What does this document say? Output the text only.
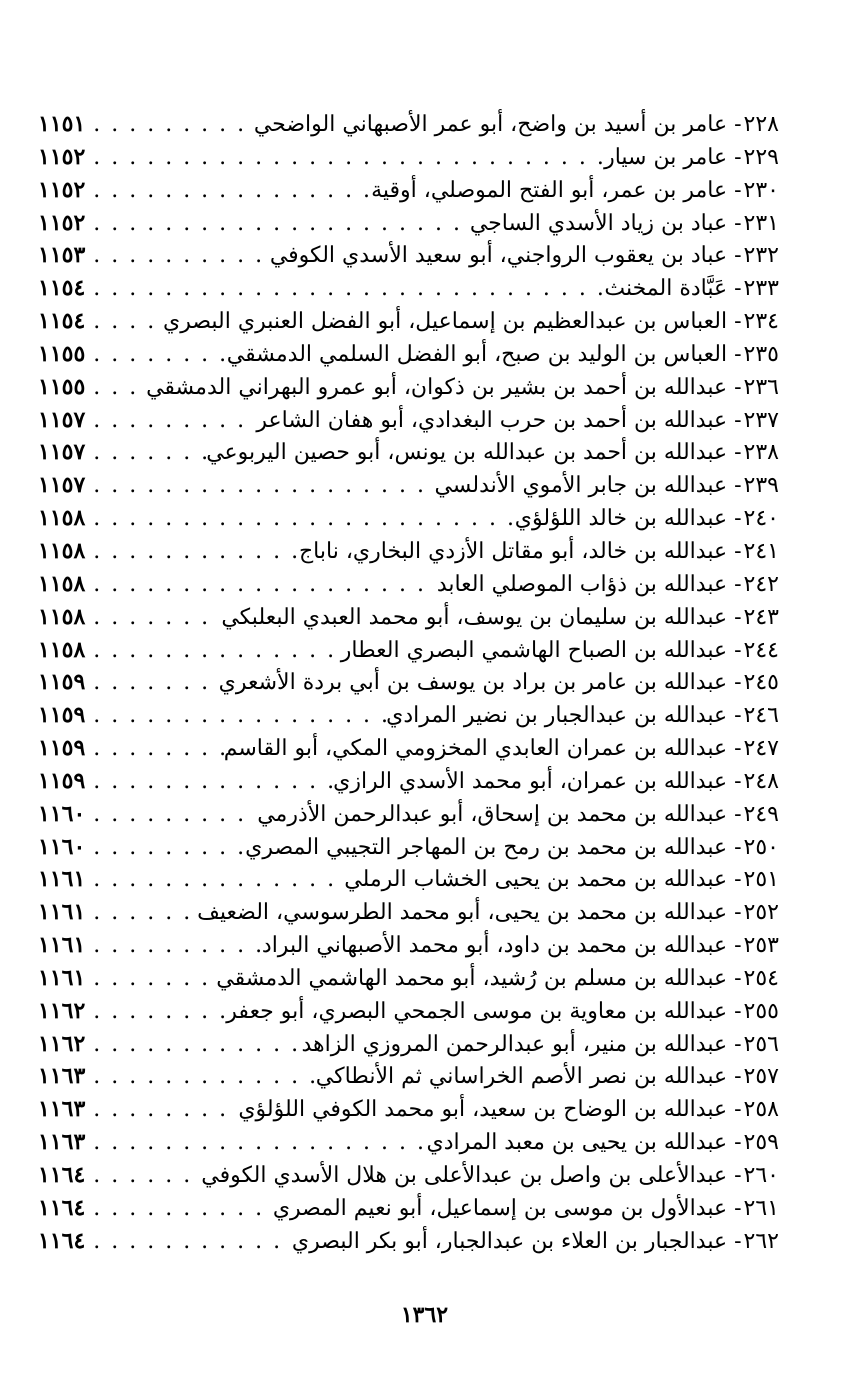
٢٢٨- عامر بن أسيد بن واضح، أبو عمر الأصبهاني الواضحي
. . .
١١٥١
٢٢٩- عامر بن سيار
. . .
١١٥٢
٢٣٠- عامر بن عمر، أبو الفتح الموصلي، أوقية
. . .
١١٥٢
٢٣١- عباد بن زياد الأسدي الساجي
. . .
١١٥٢
٢٣٢- عباد بن يعقوب الرواجني، أبو سعيد الأسدي الكوفي
. . .
١١٥٣
٢٣٣- عَبَّادة المخنث
. . .
١١٥٤
٢٣٤- العباس بن عبدالعظيم بن إسماعيل، أبو الفضل العنبري البصري
. . .
١١٥٤
٢٣٥- العباس بن الوليد بن صبح، أبو الفضل السلمي الدمشقي
. . .
١١٥٥
٢٣٦- عبدالله بن أحمد بن بشير بن ذكوان، أبو عمرو البهراني الدمشقي
. . .
١١٥٥
٢٣٧- عبدالله بن أحمد بن حرب البغدادي، أبو هفان الشاعر
. . .
١١٥٧
٢٣٨- عبدالله بن أحمد بن عبدالله بن يونس، أبو حصين اليربوعي
. . .
١١٥٧
٢٣٩- عبدالله بن جابر الأموي الأندلسي
. . .
١١٥٧
٢٤٠- عبدالله بن خالد اللؤلؤي
. . .
١١٥٨
٢٤١- عبدالله بن خالد، أبو مقاتل الأزدي البخاري، ناباج
. . .
١١٥٨
٢٤٢- عبدالله بن ذؤاب الموصلي العابد
. . .
١١٥٨
٢٤٣- عبدالله بن سليمان بن يوسف، أبو محمد العبدي البعلبكي
. . .
١١٥٨
٢٤٤- عبدالله بن الصباح الهاشمي البصري العطار
. . .
١١٥٨
٢٤٥- عبدالله بن عامر بن براد بن يوسف بن أبي بردة الأشعري
. . .
١١٥٩
٢٤٦- عبدالله بن عبدالجبار بن نضير المرادي
. . .
١١٥٩
٢٤٧- عبدالله بن عمران العابدي المخزومي المكي، أبو القاسم
. . .
١١٥٩
٢٤٨- عبدالله بن عمران، أبو محمد الأسدي الرازي
. . .
١١٥٩
٢٤٩- عبدالله بن محمد بن إسحاق، أبو عبدالرحمن الأذرمي
. . .
١١٦٠
٢٥٠- عبدالله بن محمد بن رمح بن المهاجر التجيبي المصري
. . .
١١٦٠
٢٥١- عبدالله بن محمد بن يحيى الخشاب الرملي
. . .
١١٦١
٢٥٢- عبدالله بن محمد بن يحيى، أبو محمد الطرسوسي، الضعيف
. . .
١١٦١
٢٥٣- عبدالله بن محمد بن داود، أبو محمد الأصبهاني البراد
. . .
١١٦١
٢٥٤- عبدالله بن مسلم بن رُشيد، أبو محمد الهاشمي الدمشقي
. . .
١١٦١
٢٥٥- عبدالله بن معاوية بن موسى الجمحي البصري، أبو جعفر
. . .
١١٦٢
٢٥٦- عبدالله بن منير، أبو عبدالرحمن المروزي الزاهد
. . .
١١٦٢
٢٥٧- عبدالله بن نصر الأصم الخراساني ثم الأنطاكي
. . .
١١٦٣
٢٥٨- عبدالله بن الوضاح بن سعيد، أبو محمد الكوفي اللؤلؤي
. . .
١١٦٣
٢٥٩- عبدالله بن يحيى بن معبد المرادي
. . .
١١٦٣
٢٦٠- عبدالأعلى بن واصل بن عبدالأعلى بن هلال الأسدي الكوفي
. . .
١١٦٤
٢٦١- عبدالأول بن موسى بن إسماعيل، أبو نعيم المصري
. . .
١١٦٤
٢٦٢- عبدالجبار بن العلاء بن عبدالجبار، أبو بكر البصري
. . .
١١٦٤
١٣٦٢
